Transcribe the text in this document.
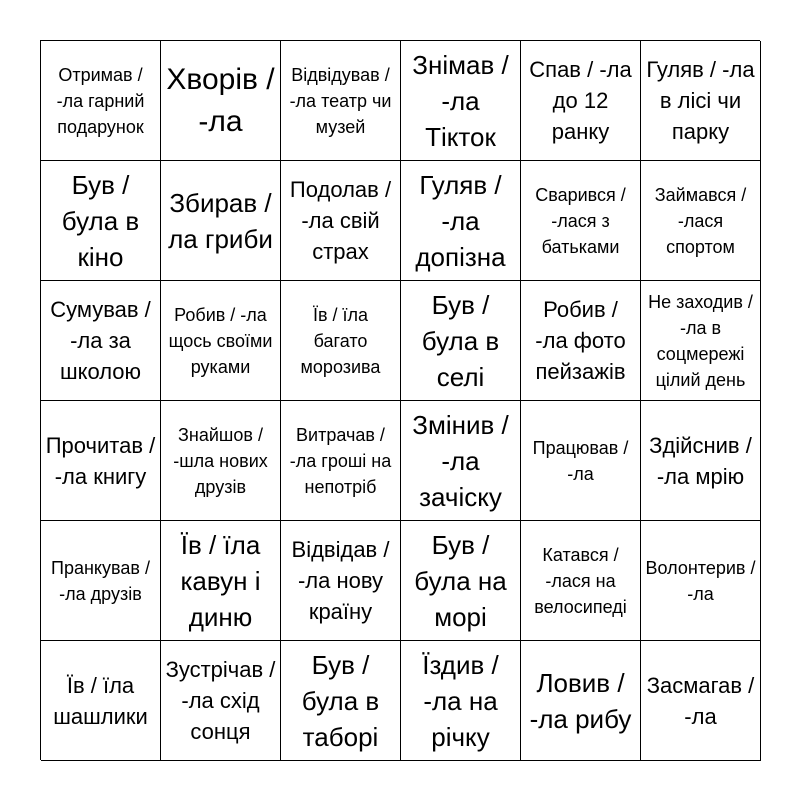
Отримав / -ла гарний подарунок
Хворів / -ла
Відвідував / -ла театр чи музей
Знімав / -ла Тікток
Спав / -ла до 12 ранку
Гуляв / -ла в лісі чи парку
Був / була в кіно
Збирав / ла гриби
Подолав / -ла свій страх
Гуляв / -ла допізна
Сварився / -лася з батьками
Займався / -лася спортом
Сумував / -ла за школою
Робив / -ла щось своїми руками
Їв / їла багато морозива
Був / була в селі
Робив / -ла фото пейзажів
Не заходив / -ла в соцмережі цілий день
Прочитав / -ла книгу
Знайшов / -шла нових друзів
Витрачав / -ла гроші на непотріб
Змінив / -ла зачіску
Працював / -ла
Здійснив / -ла мрію
Пранкував / -ла друзів
Їв / їла кавун і диню
Відвідав / -ла нову країну
Був / була на морі
Катався / -лася на велосипеді
Волонтерив / -ла
Їв / їла шашлики
Зустрічав / -ла схід сонця
Був / була в таборі
Їздив / -ла на річку
Ловив / -ла рибу
Засмагав / -ла
